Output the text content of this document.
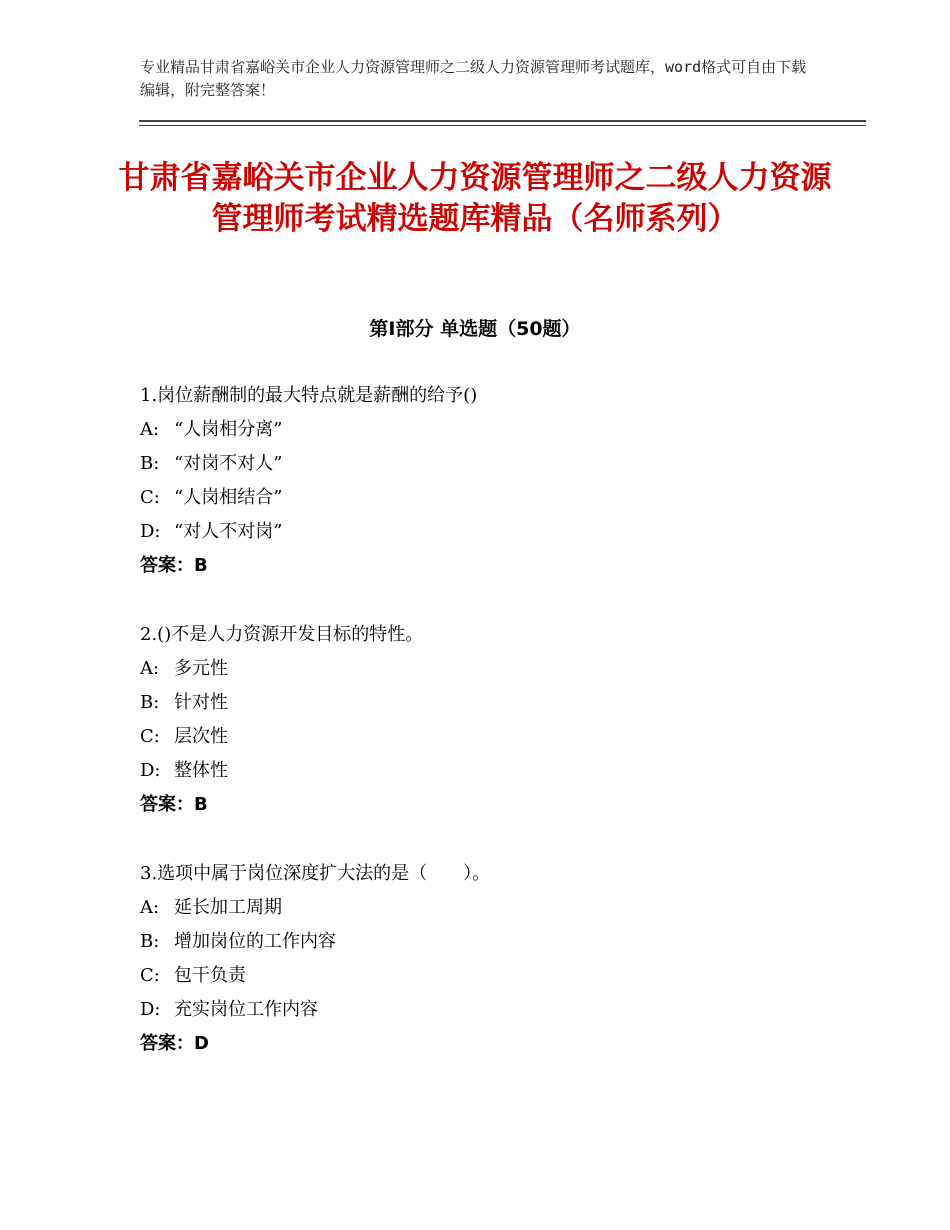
专业精品甘肃省嘉峪关市企业人力资源管理师之二级人力资源管理师考试题库，word格式可自由下载编辑，附完整答案！
甘肃省嘉峪关市企业人力资源管理师之二级人力资源管理师考试精选题库精品（名师系列）
第Ⅰ部分 单选题（50题）
1.岗位薪酬制的最大特点就是薪酬的给予()
A: “人岗相分离”
B: “对岗不对人”
C: “人岗相结合”
D: “对人不对岗”
答案：B
2.()不是人力资源开发目标的特性。
A: 多元性
B: 针对性
C: 层次性
D: 整体性
答案：B
3.选项中属于岗位深度扩大法的是（　　）。
A: 延长加工周期
B: 增加岗位的工作内容
C: 包干负责
D: 充实岗位工作内容
答案：D
